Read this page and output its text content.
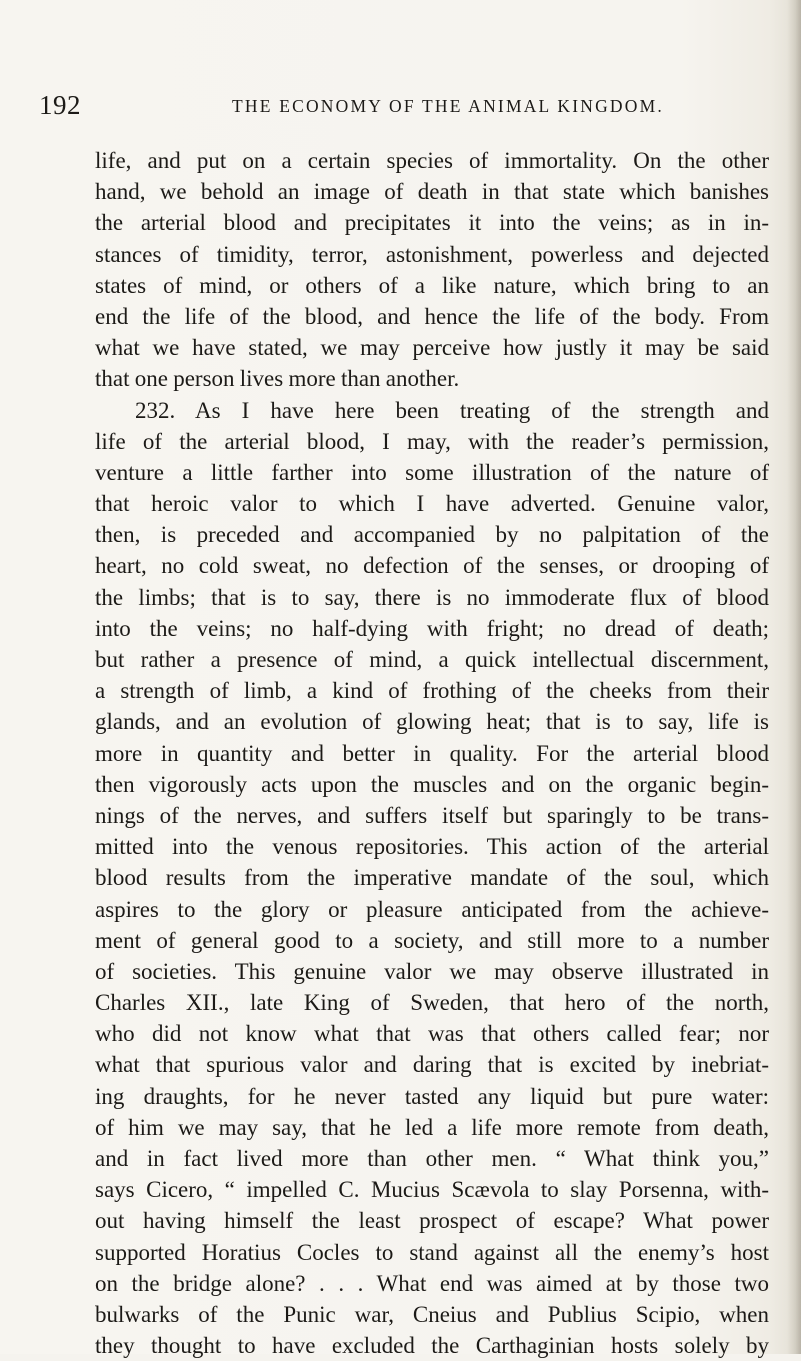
192	THE ECONOMY OF THE ANIMAL KINGDOM.
life, and put on a certain species of immortality. On the other
hand, we behold an image of death in that state which banishes
the arterial blood and precipitates it into the veins; as in in-
stances of timidity, terror, astonishment, powerless and dejected
states of mind, or others of a like nature, which bring to an
end the life of the blood, and hence the life of the body. From
what we have stated, we may perceive how justly it may be said
that one person lives more than another.
232. As I have here been treating of the strength and
life of the arterial blood, I may, with the reader’s permission,
venture a little farther into some illustration of the nature of
that heroic valor to which I have adverted. Genuine valor,
then, is preceded and accompanied by no palpitation of the
heart, no cold sweat, no defection of the senses, or drooping of
the limbs; that is to say, there is no immoderate flux of blood
into the veins; no half-dying with fright; no dread of death;
but rather a presence of mind, a quick intellectual discernment,
a strength of limb, a kind of frothing of the cheeks from their
glands, and an evolution of glowing heat; that is to say, life is
more in quantity and better in quality. For the arterial blood
then vigorously acts upon the muscles and on the organic begin-
nings of the nerves, and suffers itself but sparingly to be trans-
mitted into the venous repositories. This action of the arterial
blood results from the imperative mandate of the soul, which
aspires to the glory or pleasure anticipated from the achieve-
ment of general good to a society, and still more to a number
of societies. This genuine valor we may observe illustrated in
Charles XII., late King of Sweden, that hero of the north,
who did not know what that was that others called fear; nor
what that spurious valor and daring that is excited by inebriat-
ing draughts, for he never tasted any liquid but pure water:
of him we may say, that he led a life more remote from death,
and in fact lived more than other men. “ What think you,”
says Cicero, “ impelled C. Mucius Scævola to slay Porsenna, with-
out having himself the least prospect of escape? What power
supported Horatius Cocles to stand against all the enemy’s host
on the bridge alone? . . . What end was aimed at by those two
bulwarks of the Punic war, Cneius and Publius Scipio, when
they thought to have excluded the Carthaginian hosts solely by
